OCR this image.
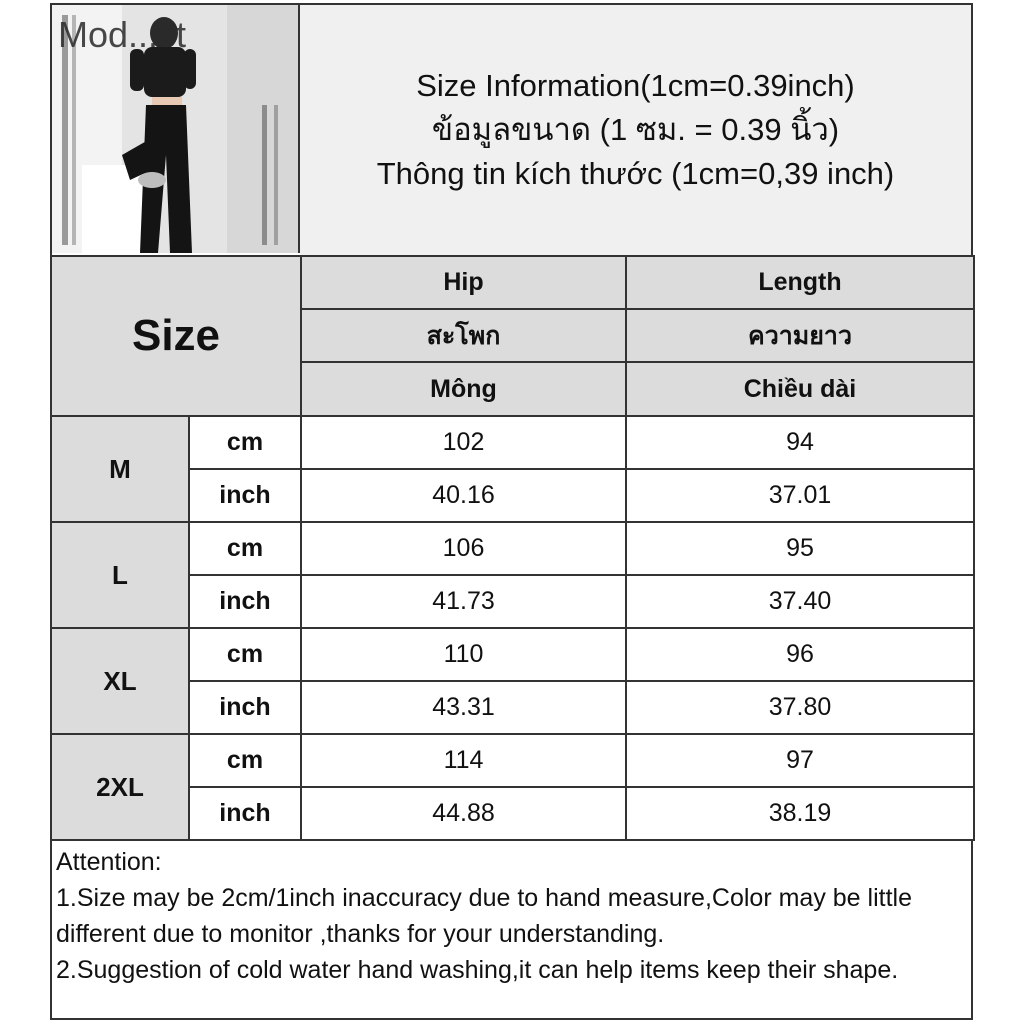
Mod...st
Size Information(1cm=0.39inch)
ข้อมูลขนาด (1 ซม. = 0.39 นิ้ว)
Thông tin kích thước (1cm=0,39 inch)
Size		Hip	Length
		สะโพก	ความยาว
		Mông	Chiều dài
M	cm	102	94
	inch	40.16	37.01
L	cm	106	95
	inch	41.73	37.40
XL	cm	110	96
	inch	43.31	37.80
2XL	cm	114	97
	inch	44.88	38.19

Attention:

1.Size may be 2cm/1inch inaccuracy due to hand measure,Color may be little different due to monitor ,thanks for your understanding.

2.Suggestion of cold water hand washing,it can help items keep their shape.
